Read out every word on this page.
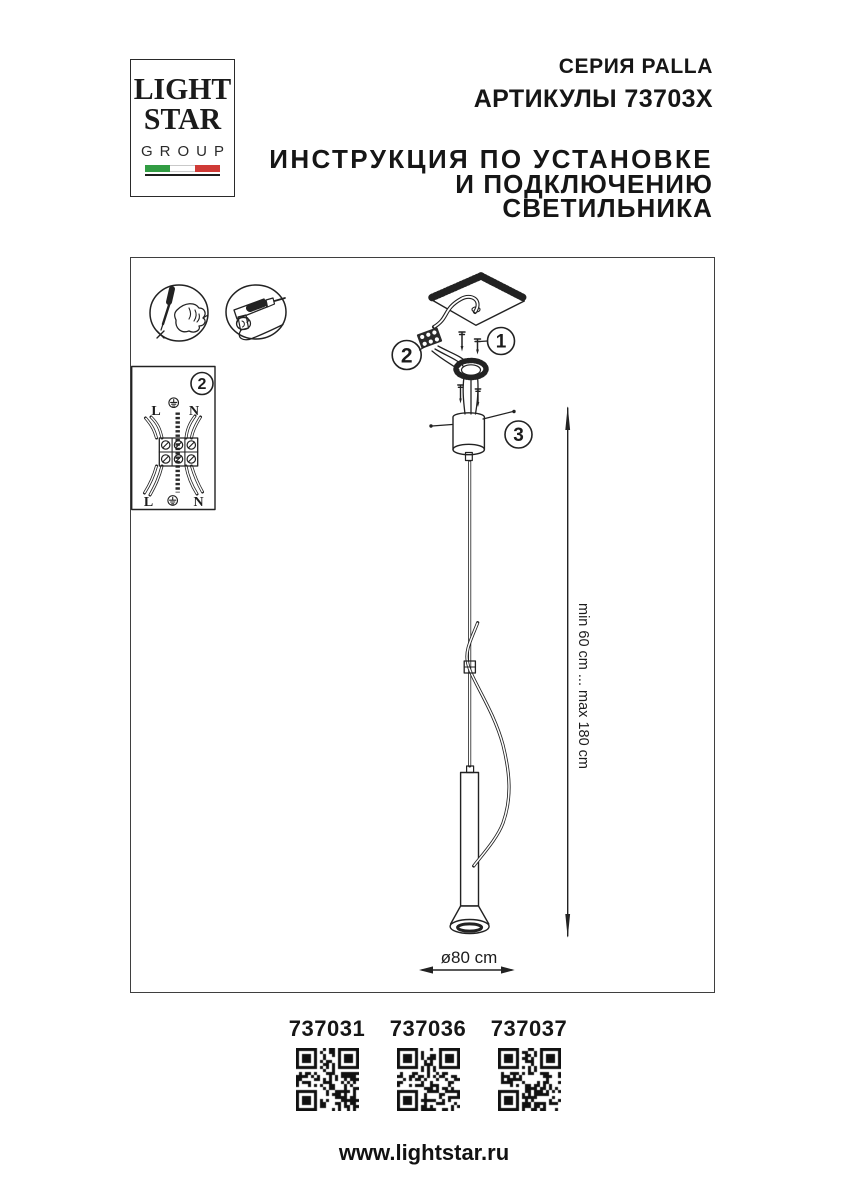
LIGHT
STAR
GROUP
СЕРИЯ PALLA
АРТИКУЛЫ 73703X
ИНСТРУКЦИЯ ПО УСТАНОВКЕ
И ПОДКЛЮЧЕНИЮ СВЕТИЛЬНИКА
L N
L	N
2
1
2
3
min 60 cm ... max 180 cm
ø80 cm
737031	737036	737037
www.lightstar.ru
